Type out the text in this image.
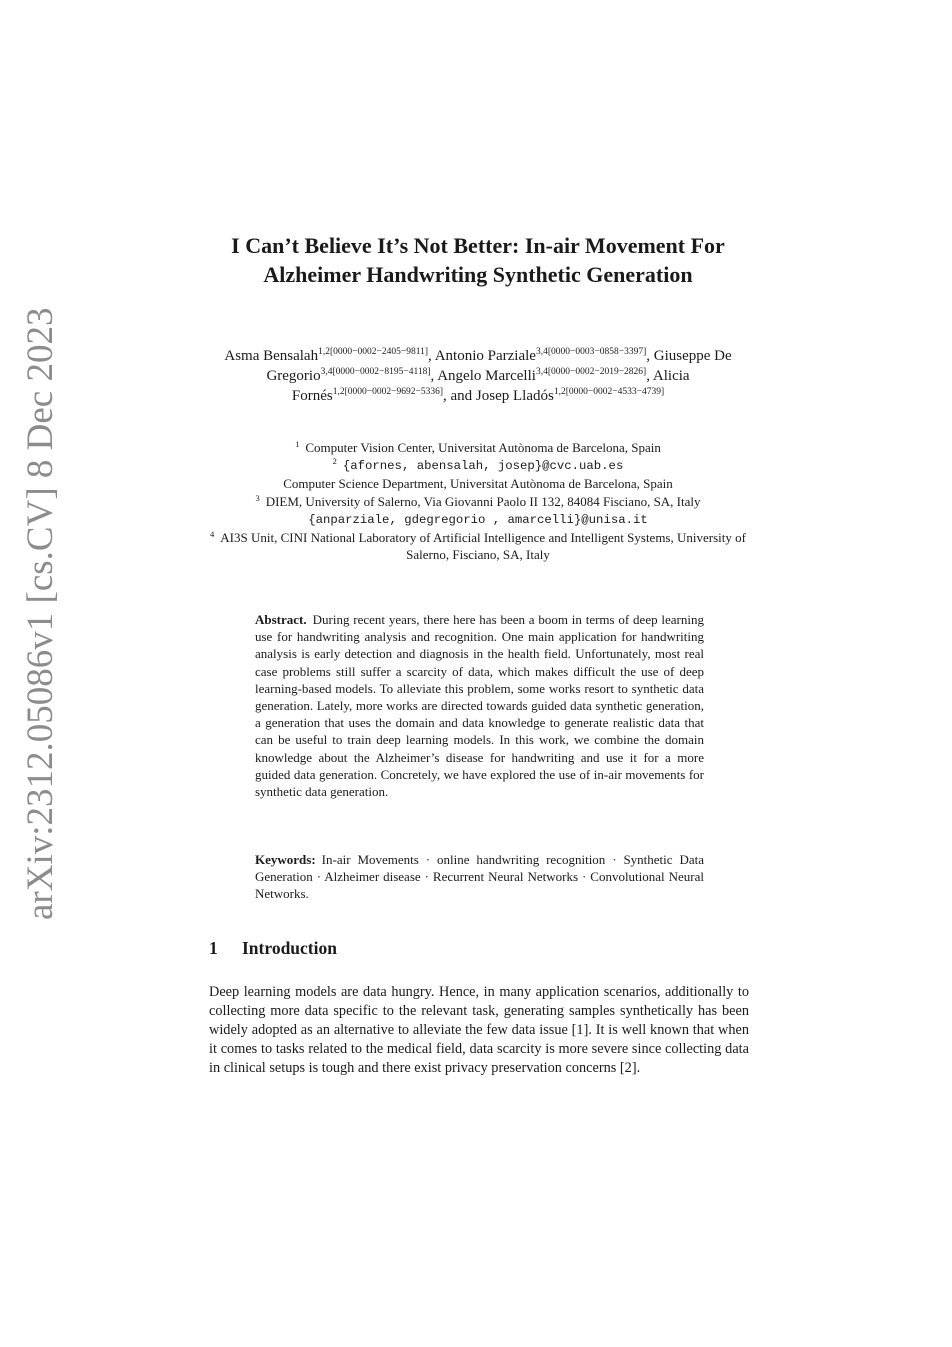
arXiv:2312.05086v1 [cs.CV] 8 Dec 2023
I Can’t Believe It’s Not Better: In-air Movement For Alzheimer Handwriting Synthetic Generation
Asma Bensalah$^{1,2[0000-0002-2405-9811]}$, Antonio Parziale$^{3,4[0000-0003-0858-3397]}$, Giuseppe De Gregorio$^{3,4[0000-0002-8195-4118]}$, Angelo Marcelli$^{3,4[0000-0002-2019-2826]}$, Alicia Fornés$^{1,2[0000-0002-9692-5336]}$, and Josep Lladós$^{1,2[0000-0002-4533-4739]}$
$^1$ Computer Vision Center, Universitat Autònoma de Barcelona, Spain
$^2$ {afornes, abensalah, josep}@cvc.uab.es
Computer Science Department, Universitat Autònoma de Barcelona, Spain
$^3$ DIEM, University of Salerno, Via Giovanni Paolo II 132, 84084 Fisciano, SA, Italy
{anparziale, gdegregorio , amarcelli}@unisa.it
$^4$ AI3S Unit, CINI National Laboratory of Artificial Intelligence and Intelligent Systems, University of Salerno, Fisciano, SA, Italy
Abstract. During recent years, there here has been a boom in terms of deep learning use for handwriting analysis and recognition. One main application for handwriting analysis is early detection and diagnosis in the health field. Unfortunately, most real case problems still suffer a scarcity of data, which makes difficult the use of deep learning-based models. To alleviate this problem, some works resort to synthetic data generation. Lately, more works are directed towards guided data synthetic generation, a generation that uses the domain and data knowledge to generate realistic data that can be useful to train deep learning models. In this work, we combine the domain knowledge about the Alzheimer’s disease for handwriting and use it for a more guided data generation. Concretely, we have explored the use of in-air movements for synthetic data generation.
Keywords: In-air Movements · online handwriting recognition · Synthetic Data Generation · Alzheimer disease · Recurrent Neural Networks · Convolutional Neural Networks.
1 Introduction
Deep learning models are data hungry. Hence, in many application scenarios, additionally to collecting more data specific to the relevant task, generating samples synthetically has been widely adopted as an alternative to alleviate the few data issue [1]. It is well known that when it comes to tasks related to the medical field, data scarcity is more severe since collecting data in clinical setups is tough and there exist privacy preservation concerns [2].
